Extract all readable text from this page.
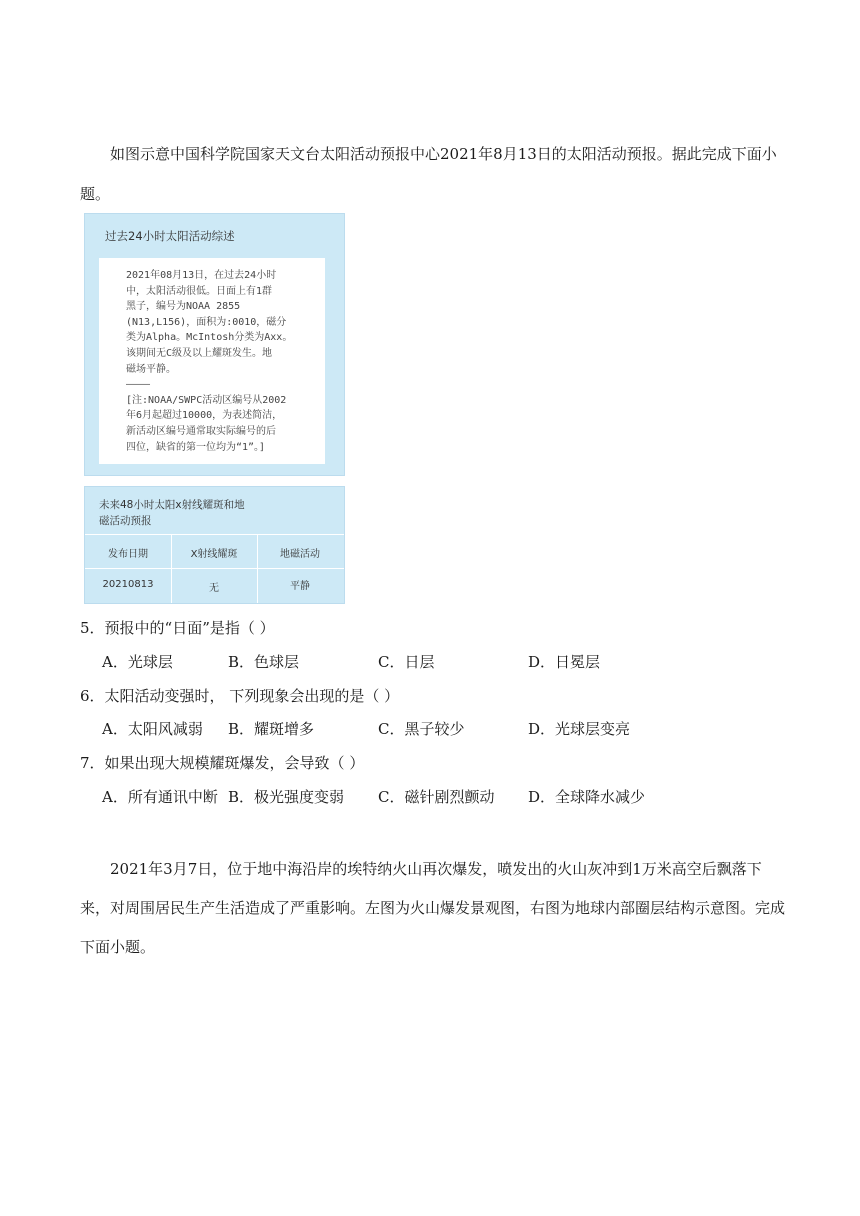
如图示意中国科学院国家天文台太阳活动预报中心2021年8月13日的太阳活动预报。据此完成下面小题。

过去24小时太阳活动综述
2021年08月13日，在过去24小时
中，太阳活动很低。日面上有1群
黑子，编号为NOAA 2855
(N13,L156)，面积为:0010，磁分
类为Alpha。McIntosh分类为Axx。
该期间无C级及以上耀斑发生。地
磁场平静。
————
[注:NOAA/SWPC活动区编号从2002
年6月起超过10000，为表述简洁，
新活动区编号通常取实际编号的后
四位，缺省的第一位均为“1”。]
未来48小时太阳x射线耀斑和地
磁活动预报
发布日期	X射线耀斑	地磁活动
20210813	无	平静

5．预报中的“日面”是指（ ）

A．光球层	B．色球层	C．日层	D．日冕层

6．太阳活动变强时， 下列现象会出现的是（ ）

A．太阳风减弱 B．耀斑增多	C．黑子较少	D．光球层变亮

7．如果出现大规模耀斑爆发，会导致（ ）

A．所有通讯中断 B．极光强度变弱 C．磁针剧烈颤动 D．全球降水减少

2021年3月7日，位于地中海沿岸的埃特纳火山再次爆发，喷发出的火山灰冲到1万米高空后飘落下来，对周围居民生产生活造成了严重影响。左图为火山爆发景观图，右图为地球内部圈层结构示意图。完成下面小题。
